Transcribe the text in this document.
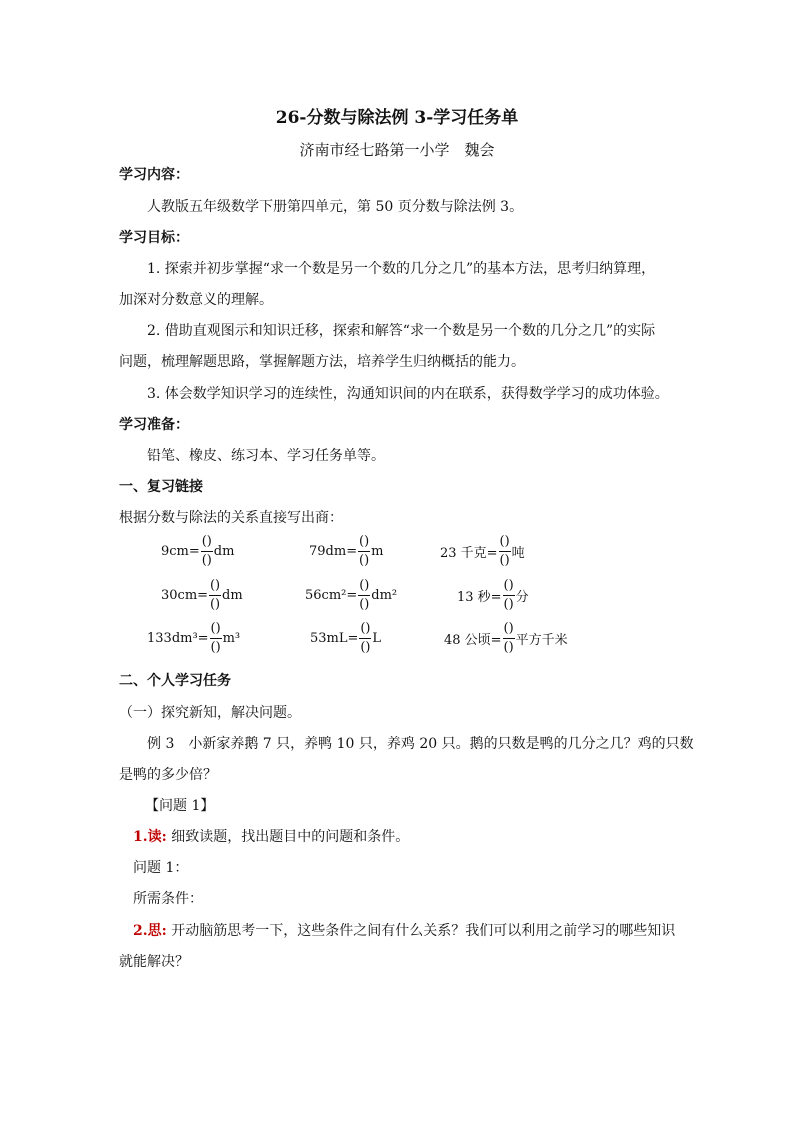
26-分数与除法例 3-学习任务单
济南市经七路第一小学　魏会
学习内容：
人教版五年级数学下册第四单元，第 50 页分数与除法例 3。
学习目标：
1. 探索并初步掌握“求一个数是另一个数的几分之几”的基本方法，思考归纳算理，
加深对分数意义的理解。
2. 借助直观图示和知识迁移，探索和解答“求一个数是另一个数的几分之几”的实际
问题，梳理解题思路，掌握解题方法，培养学生归纳概括的能力。
3. 体会数学知识学习的连续性，沟通知识间的内在联系，获得数学学习的成功体验。
学习准备：
铅笔、橡皮、练习本、学习任务单等。
一、复习链接
根据分数与除法的关系直接写出商：
$9cm= \frac{()}{()}$ dm	$79dm= \frac{()}{()}$ m	23 千克= $\frac{()}{()}$ 吨
$30cm= \frac{()}{()}$ dm	$56cm^2= \frac{()}{()} dm^2$	13 秒= $\frac{()}{()}$ 分
$133dm^3= \frac{()}{()} m^3$	$53mL= \frac{()}{()}$ L	48 公顷= $\frac{()}{()}$ 平方千米
二、个人学习任务
（一）探究新知，解决问题。
例 3　小新家养鹅 7 只，养鸭 10 只，养鸡 20 只。鹅的只数是鸭的几分之几？鸡的只数
是鸭的多少倍？
【问题 1】
1.读: 细致读题，找出题目中的问题和条件。
问题 1：
所需条件：
2.思: 开动脑筋思考一下，这些条件之间有什么关系？我们可以利用之前学习的哪些知识
就能解决？
